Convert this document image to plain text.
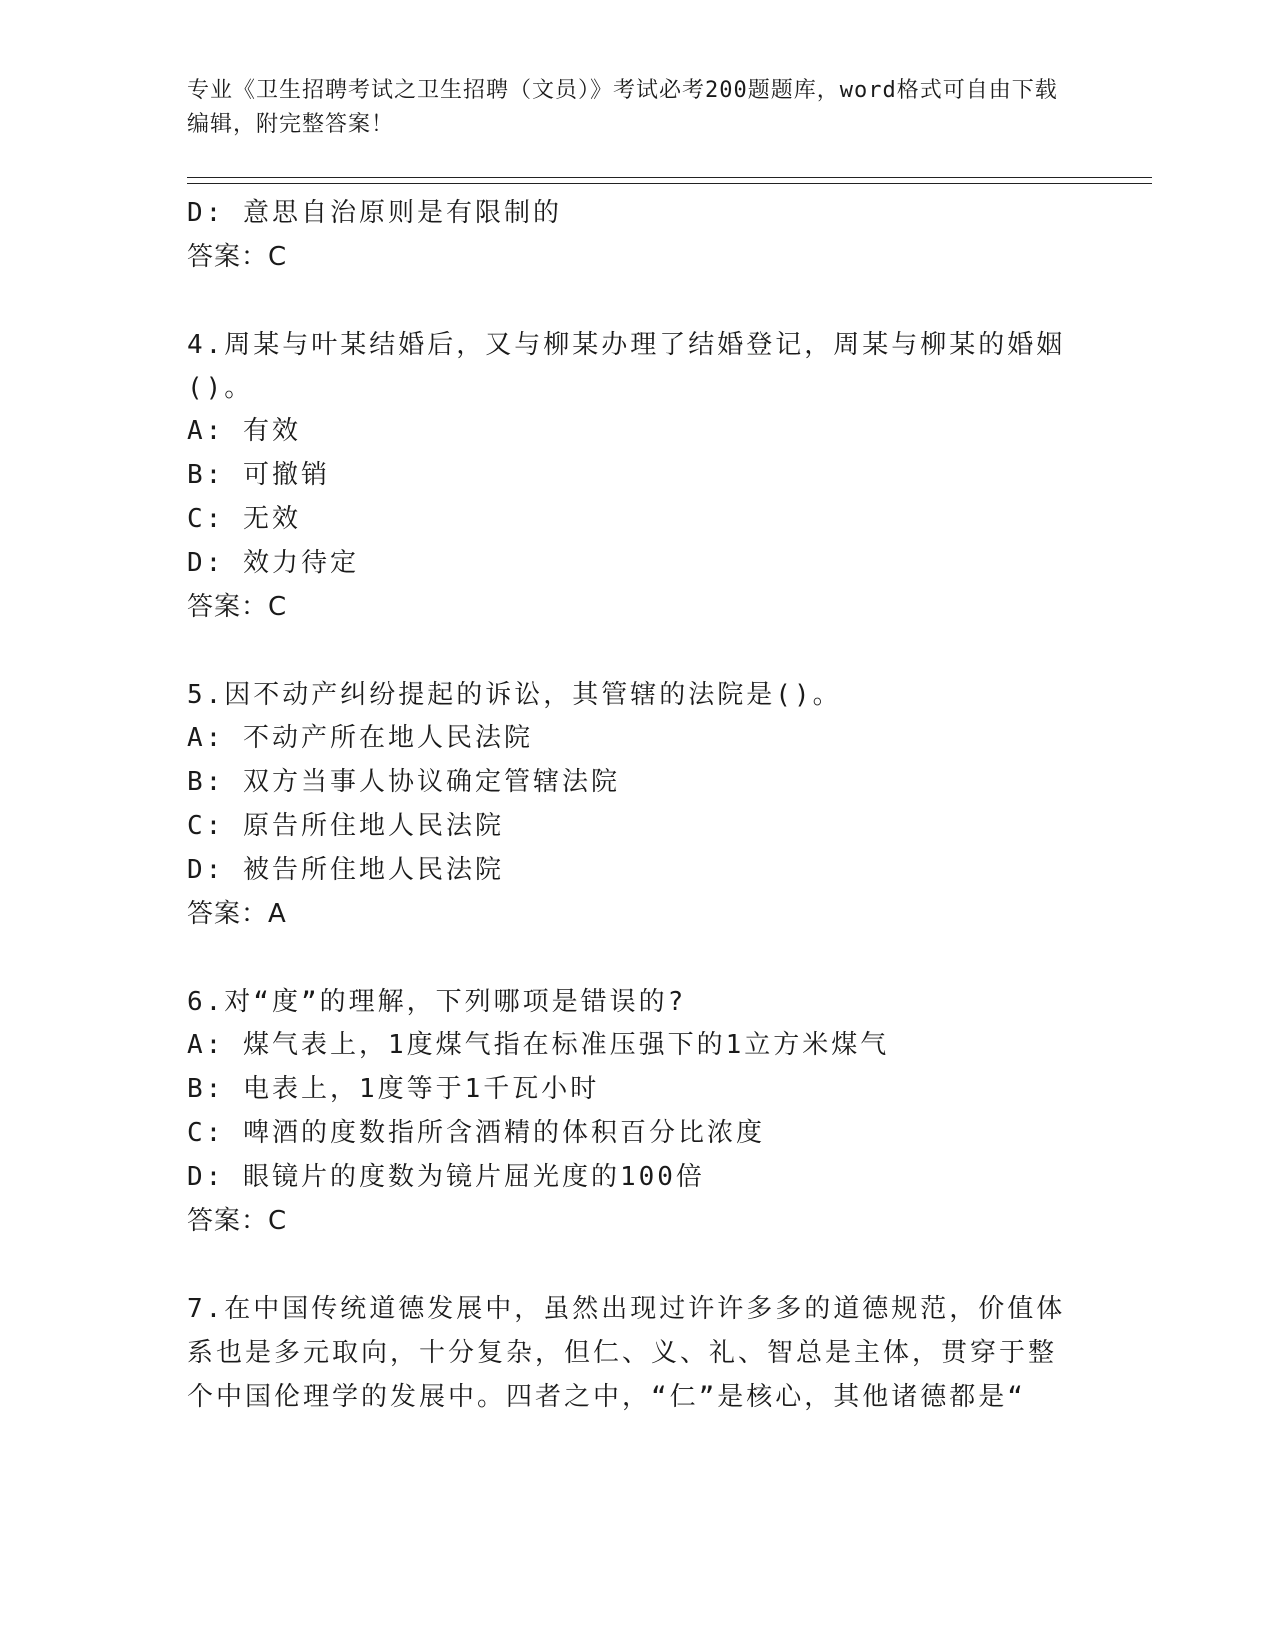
专业《卫生招聘考试之卫生招聘（文员）》考试必考200题题库，word格式可自由下载编辑，附完整答案！
D: 意思自治原则是有限制的
答案：C
4.周某与叶某结婚后，又与柳某办理了结婚登记，周某与柳某的婚姻
()。
A: 有效
B: 可撤销
C: 无效
D: 效力待定
答案：C
5.因不动产纠纷提起的诉讼，其管辖的法院是()。
A: 不动产所在地人民法院
B: 双方当事人协议确定管辖法院
C: 原告所住地人民法院
D: 被告所住地人民法院
答案：A
6.对“度”的理解，下列哪项是错误的?
A: 煤气表上，1度煤气指在标准压强下的1立方米煤气
B: 电表上，1度等于1千瓦小时
C: 啤酒的度数指所含酒精的体积百分比浓度
D: 眼镜片的度数为镜片屈光度的100倍
答案：C
7.在中国传统道德发展中，虽然出现过许许多多的道德规范，价值体
系也是多元取向，十分复杂，但仁、义、礼、智总是主体，贯穿于整
个中国伦理学的发展中。四者之中，“仁”是核心，其他诸德都是“
